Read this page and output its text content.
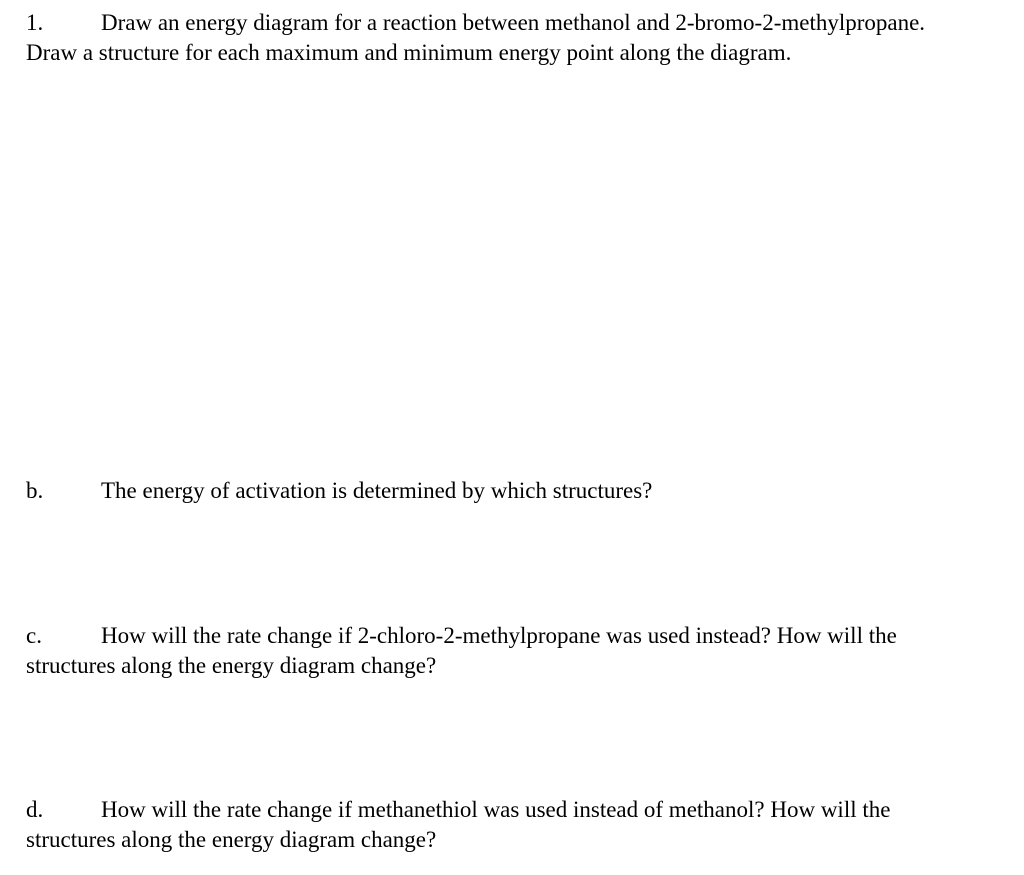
1.	Draw an energy diagram for a reaction between methanol and 2-bromo-2-methylpropane.
Draw a structure for each maximum and minimum energy point along the diagram.
b.	The energy of activation is determined by which structures?
c.	How will the rate change if 2-chloro-2-methylpropane was used instead? How will the
structures along the energy diagram change?
d.	How will the rate change if methanethiol was used instead of methanol? How will the
structures along the energy diagram change?
